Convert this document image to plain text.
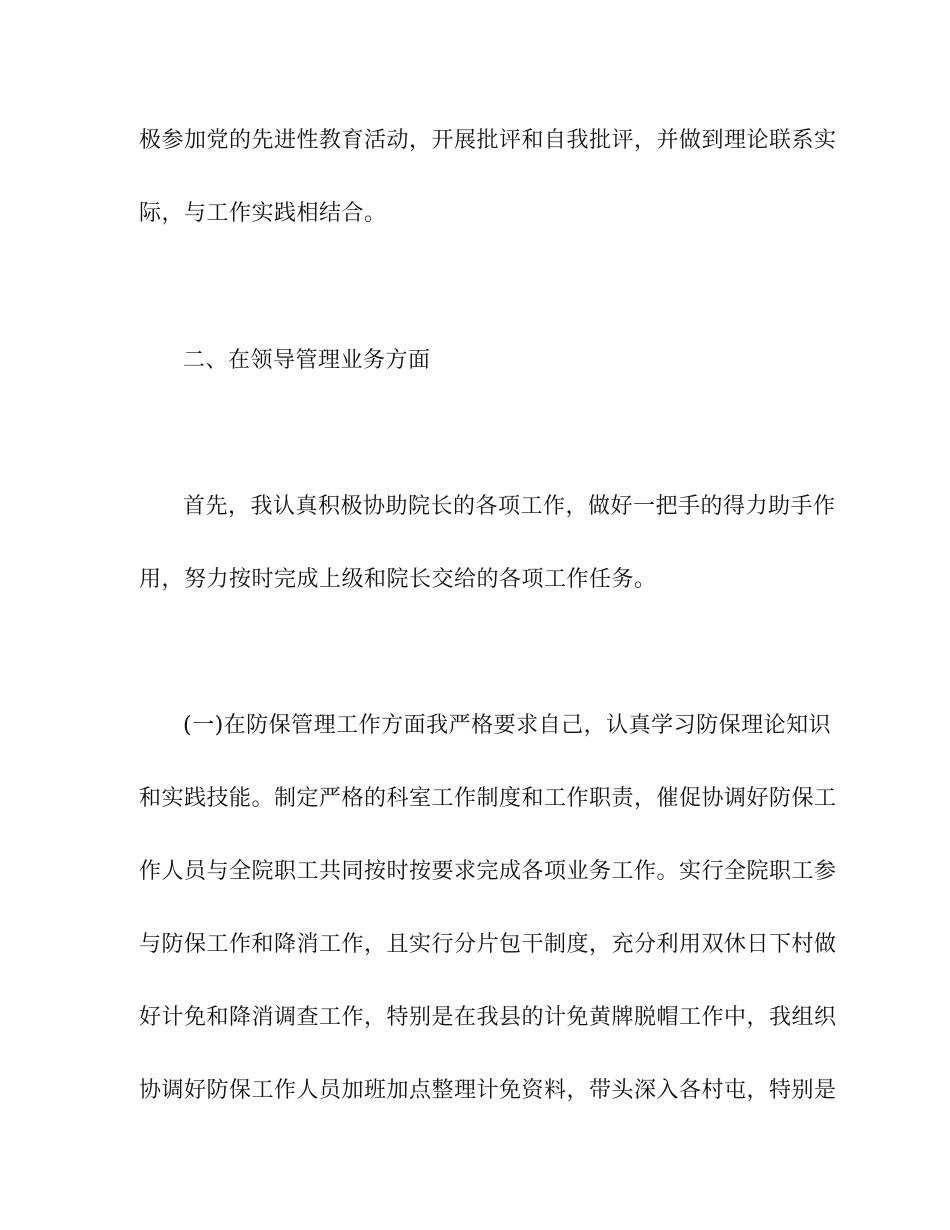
极参加党的先进性教育活动，开展批评和自我批评，并做到理论联系实
际，与工作实践相结合。
二、在领导管理业务方面
首先，我认真积极协助院长的各项工作，做好一把手的得力助手作
用，努力按时完成上级和院长交给的各项工作任务。
(一)在防保管理工作方面我严格要求自己，认真学习防保理论知识
和实践技能。制定严格的科室工作制度和工作职责，催促协调好防保工
作人员与全院职工共同按时按要求完成各项业务工作。实行全院职工参
与防保工作和降消工作，且实行分片包干制度，充分利用双休日下村做
好计免和降消调查工作，特别是在我县的计免黄牌脱帽工作中，我组织
协调好防保工作人员加班加点整理计免资料，带头深入各村屯，特别是
